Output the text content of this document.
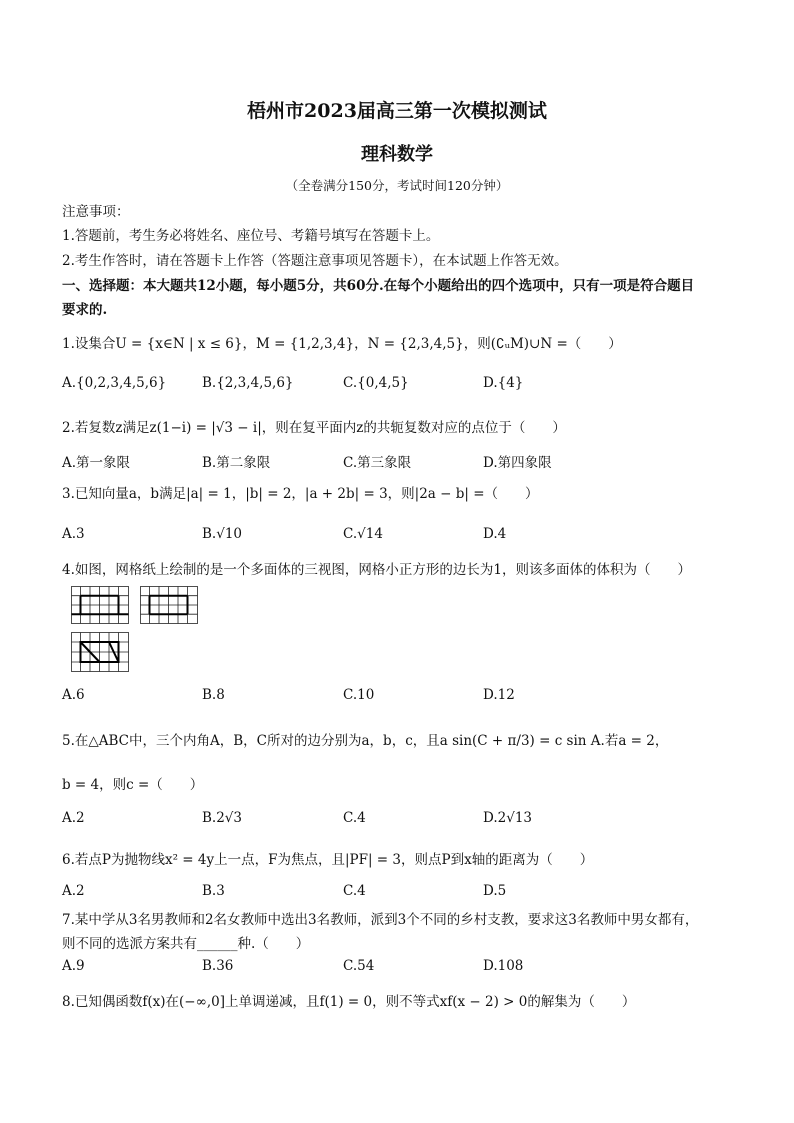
梧州市2023届高三第一次模拟测试
理科数学
（全卷满分150分，考试时间120分钟）
注意事项：
1.答题前，考生务必将姓名、座位号、考籍号填写在答题卡上。
2.考生作答时，请在答题卡上作答（答题注意事项见答题卡），在本试题上作答无效。
一、选择题：本大题共12小题，每小题5分，共60分.在每个小题给出的四个选项中，只有一项是符合题目
要求的.
1.设集合U = {x∈N | x ≤ 6}，M = {1,2,3,4}，N = {2,3,4,5}，则(∁ᵤM)∪N =（　　）
A.{0,2,3,4,5,6}	B.{2,3,4,5,6}	C.{0,4,5}	D.{4}
2.若复数z满足z(1−i) = |√3 − i|，则在复平面内z的共轭复数对应的点位于（　　）
A.第一象限	B.第二象限	C.第三象限	D.第四象限
3.已知向量a，b满足|a| = 1，|b| = 2，|a + 2b| = 3，则|2a − b| =（　　）
A.3	B.√10	C.√14	D.4
4.如图，网格纸上绘制的是一个多面体的三视图，网格小正方形的边长为1，则该多面体的体积为（　　）
A.6	B.8	C.10	D.12
5.在△ABC中，三个内角A，B，C所对的边分别为a，b，c，且a sin(C + π/3) = c sin A.若a = 2，
b = 4，则c =（　　）
A.2	B.2√3	C.4	D.2√13
6.若点P为抛物线x² = 4y上一点，F为焦点，且|PF| = 3，则点P到x轴的距离为（　　）
A.2	B.3	C.4	D.5
7.某中学从3名男教师和2名女教师中选出3名教师，派到3个不同的乡村支教，要求这3名教师中男女都有，
则不同的选派方案共有______种.（　　）
A.9	B.36	C.54	D.108
8.已知偶函数f(x)在(−∞,0]上单调递减，且f(1) = 0，则不等式xf(x − 2) > 0的解集为（　　）
